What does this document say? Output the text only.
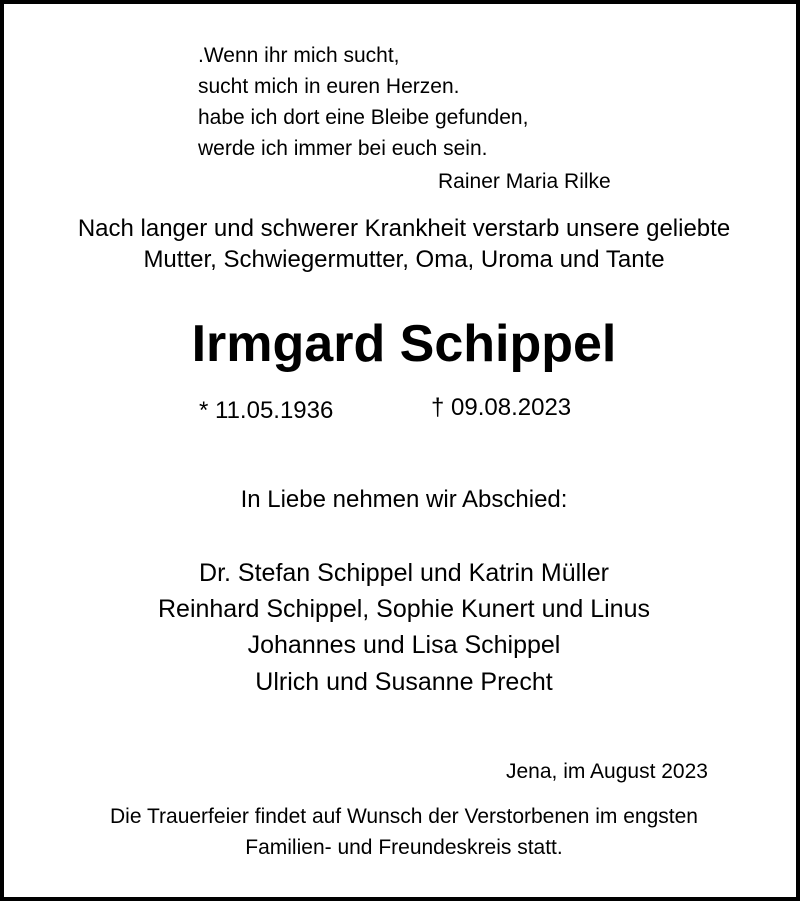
.Wenn ihr mich sucht,
sucht mich in euren Herzen.
habe ich dort eine Bleibe gefunden,
werde ich immer bei euch sein.
Rainer Maria Rilke
Nach langer und schwerer Krankheit verstarb unsere geliebte
Mutter, Schwiegermutter, Oma, Uroma und Tante
Irmgard Schippel
* 11.05.1936	† 09.08.2023
In Liebe nehmen wir Abschied:
Dr. Stefan Schippel und Katrin Müller
Reinhard Schippel, Sophie Kunert und Linus
Johannes und Lisa Schippel
Ulrich und Susanne Precht
Jena, im August 2023
Die Trauerfeier findet auf Wunsch der Verstorbenen im engsten
Familien- und Freundeskreis statt.
